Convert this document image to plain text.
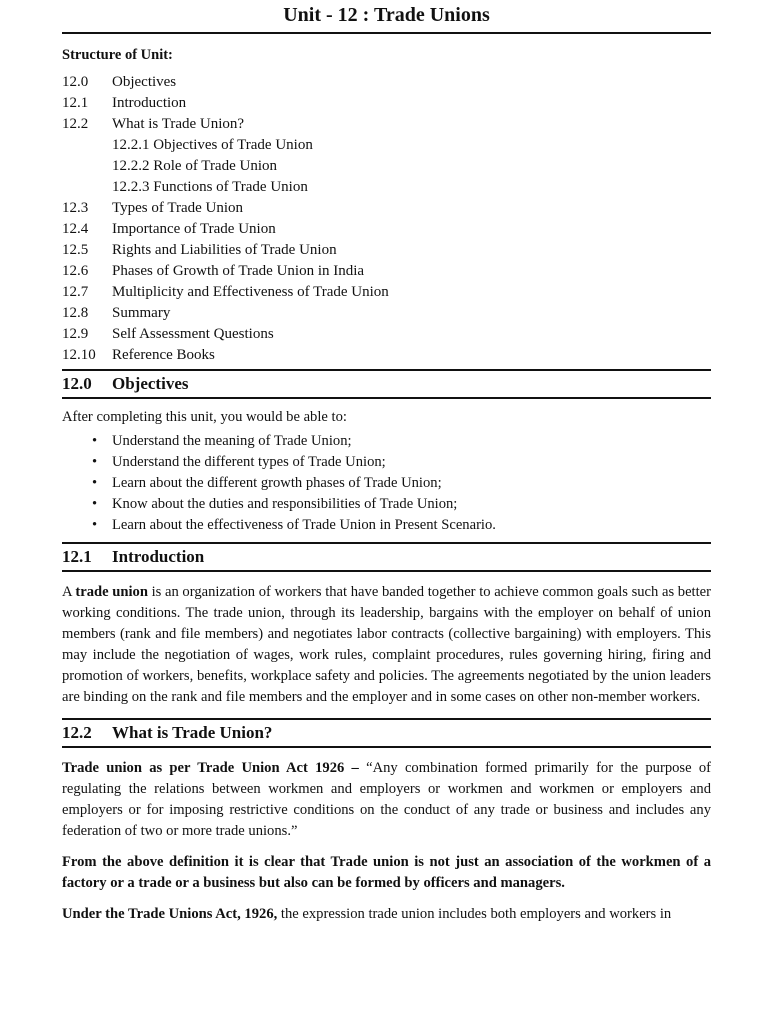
Unit - 12 : Trade Unions
Structure of Unit:
12.0	Objectives
12.1	Introduction
12.2	What is Trade Union?
12.2.1 Objectives of Trade Union
12.2.2 Role of Trade Union
12.2.3 Functions of Trade Union
12.3	Types of Trade Union
12.4	Importance of Trade Union
12.5	Rights and Liabilities of Trade Union
12.6	Phases of Growth of Trade Union in India
12.7	Multiplicity and Effectiveness of Trade Union
12.8	Summary
12.9	Self Assessment Questions
12.10	Reference Books
12.0 Objectives

After completing this unit, you would be able to:

• Understand the meaning of Trade Union;
• Understand the different types of Trade Union;
• Learn about the different growth phases of Trade Union;
• Know about the duties and responsibilities of Trade Union;
• Learn about the effectiveness of Trade Union in Present Scenario.
12.1 Introduction

A trade union is an organization of workers that have banded together to achieve common goals such as better working conditions. The trade union, through its leadership, bargains with the employer on behalf of union members (rank and file members) and negotiates labor contracts (collective bargaining) with employers. This may include the negotiation of wages, work rules, complaint procedures, rules governing hiring, firing and promotion of workers, benefits, workplace safety and policies. The agreements negotiated by the union leaders are binding on the rank and file members and the employer and in some cases on other non-member workers.

12.2 What is Trade Union?

Trade union as per Trade Union Act 1926 – “Any combination formed primarily for the purpose of regulating the relations between workmen and employers or workmen and workmen or employers and employers or for imposing restrictive conditions on the conduct of any trade or business and includes any federation of two or more trade unions.”

From the above definition it is clear that Trade union is not just an association of the workmen of a factory or a trade or a business but also can be formed by officers and managers.

Under the Trade Unions Act, 1926, the expression trade union includes both employers and workers in
